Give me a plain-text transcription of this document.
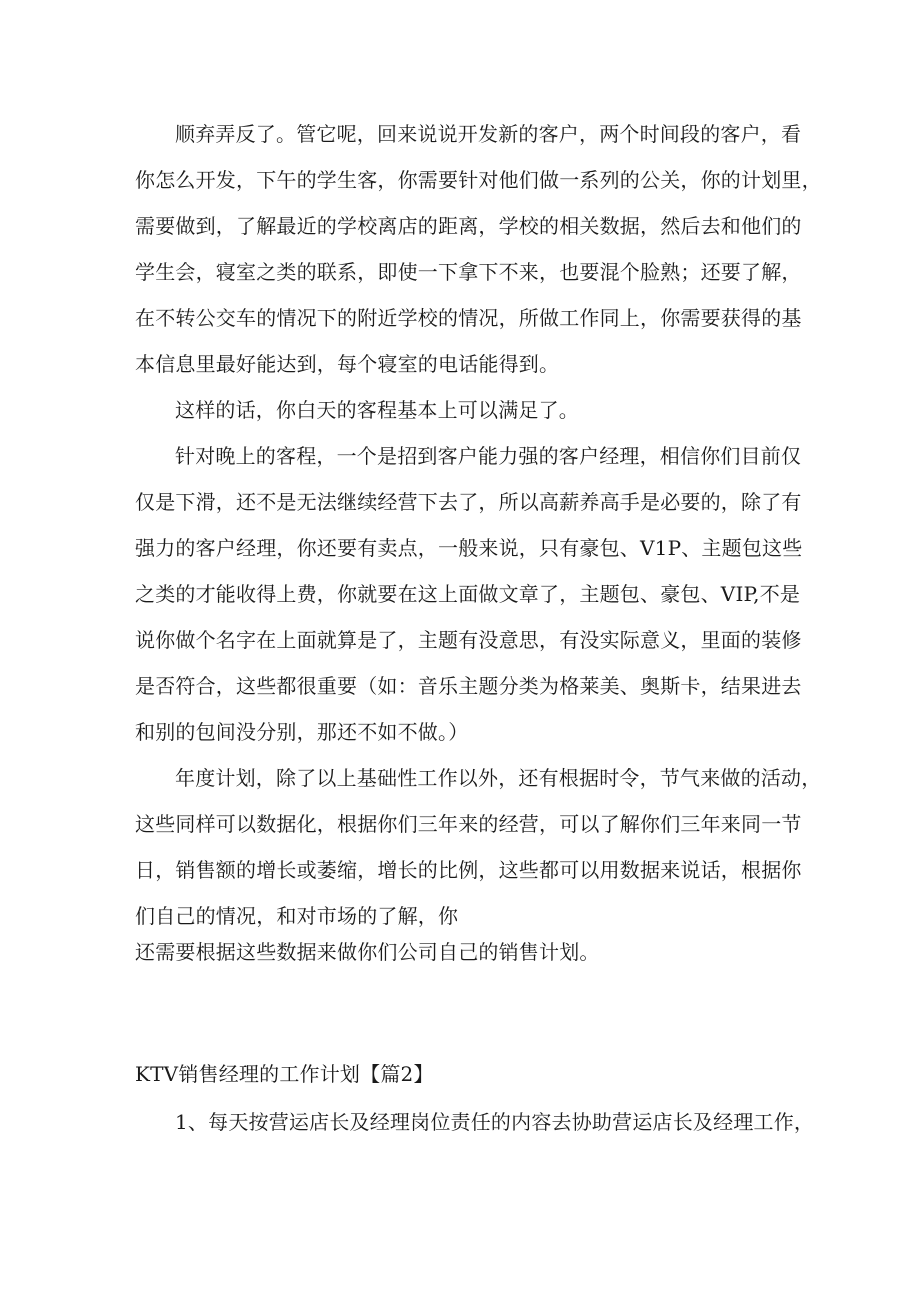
顺弃弄反了。管它呢，回来说说开发新的客户，两个时间段的客户，看
你怎么开发，下午的学生客，你需要针对他们做一系列的公关，你的计划里，
需要做到，了解最近的学校离店的距离，学校的相关数据，然后去和他们的
学生会，寝室之类的联系，即使一下拿下不来，也要混个脸熟；还要了解，
在不转公交车的情况下的附近学校的情况，所做工作同上，你需要获得的基
本信息里最好能达到，每个寝室的电话能得到。
这样的话，你白天的客程基本上可以满足了。
针对晚上的客程，一个是招到客户能力强的客户经理，相信你们目前仅
仅是下滑，还不是无法继续经营下去了，所以高薪养高手是必要的，除了有
强力的客户经理，你还要有卖点，一般来说，只有豪包、V1P、主题包这些
之类的才能收得上费，你就要在这上面做文章了，主题包、豪包、VIP,不是
说你做个名字在上面就算是了，主题有没意思，有没实际意义，里面的装修
是否符合，这些都很重要（如：音乐主题分类为格莱美、奥斯卡，结果进去
和别的包间没分别，那还不如不做。）
年度计划，除了以上基础性工作以外，还有根据时令，节气来做的活动，
这些同样可以数据化，根据你们三年来的经营，可以了解你们三年来同一节
日，销售额的增长或萎缩，增长的比例，这些都可以用数据来说话，根据你
们自己的情况，和对市场的了解，你
还需要根据这些数据来做你们公司自己的销售计划。
KTV销售经理的工作计划【篇2】
1、每天按营运店长及经理岗位责任的内容去协助营运店长及经理工作，
